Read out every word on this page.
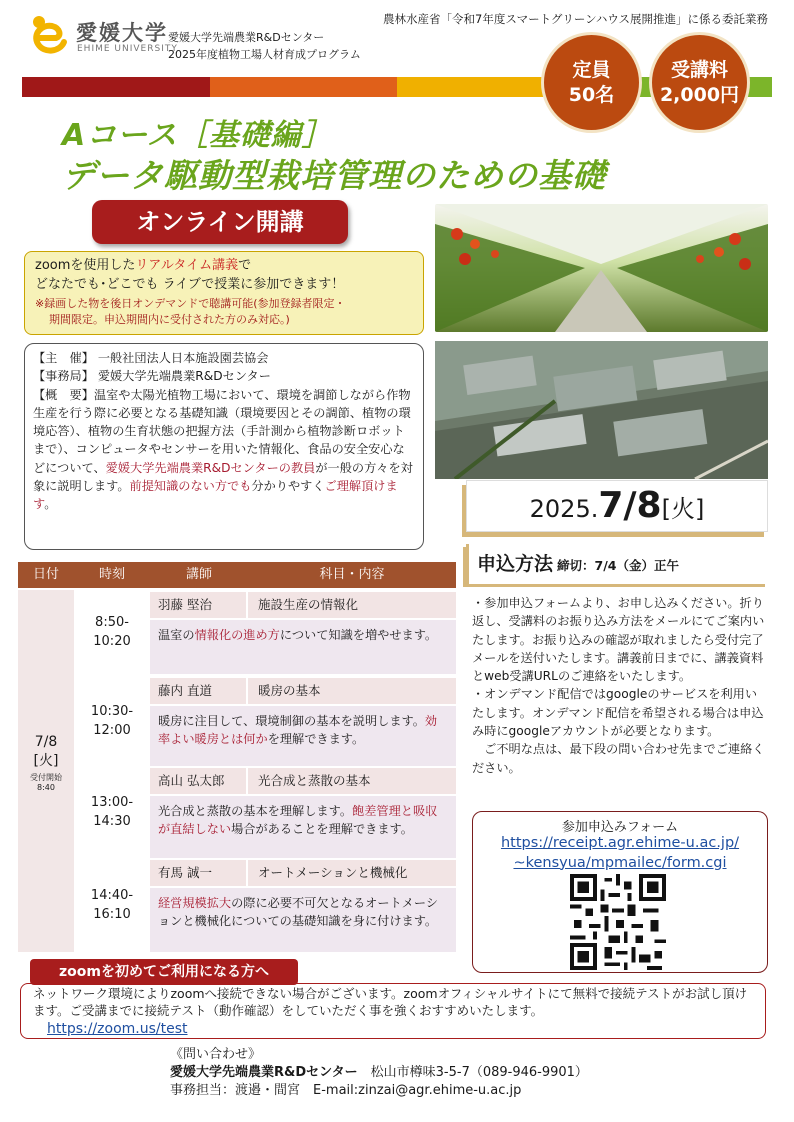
愛媛大学
EHIME UNIVERSITY
愛媛大学先端農業R&Dセンター
2025年度植物工場人材育成プログラム
農林水産省「令和7年度スマートグリーンハウス展開推進」に係る委託業務
定員
50名
受講料
2,000円
Aコース［基礎編］
データ駆動型栽培管理のための基礎
オンライン開講
zoomを使用したリアルタイム講義で
どなたでも･どこでも ライブで授業に参加できます！
※録画した物を後日オンデマンドで聴講可能(参加登録者限定・
期間限定。申込期間内に受付された方のみ対応。)
【主　催】 一般社団法人日本施設園芸協会
【事務局】 愛媛大学先端農業R&Dセンター
【概　要】温室や太陽光植物工場において、環境を調節しながら作物生産を行う際に必要となる基礎知識（環境要因とその調節、植物の環境応答）、植物の生育状態の把握方法（手計測から植物診断ロボットまで）、コンピュータやセンサーを用いた情報化、食品の安全安心などについて、愛媛大学先端農業R&Dセンターの教員が一般の方々を対象に説明します。前提知識のない方でも分かりやすくご理解頂けます。	2025.7/8[火]
日付	時刻	講師	科目・内容
7/8
[火]
受付開始
8:40
8:50-
10:20
羽藤 堅治	施設生産の情報化
温室の情報化の進め方について知識を増やせます。
10:30-
12:00
藤内 直道	暖房の基本
暖房に注目して、環境制御の基本を説明します。効率よい暖房とは何かを理解できます。
13:00-
14:30
高山 弘太郎	光合成と蒸散の基本
光合成と蒸散の基本を理解します。飽差管理と吸収が直結しない場合があることを理解できます。
14:40-
16:10
有馬 誠一	オートメーションと機械化
経営規模拡大の際に必要不可欠となるオートメーションと機械化についての基礎知識を身に付けます。
申込方法 締切：7/4（金）正午
・参加申込フォームより、お申し込みください。折り返し、受講料のお振り込み方法をメールにてご案内いたします。お振り込みの確認が取れましたら受付完了メールを送付いたします。講義前日までに、講義資料とweb受講URLのご連絡をいたします。
・オンデマンド配信ではgoogleのサービスを利用いたします。オンデマンド配信を希望される場合は申込み時にgoogleアカウントが必要となります。
　ご不明な点は、最下段の問い合わせ先までご連絡ください。
参加申込みフォーム
https://receipt.agr.ehime-u.ac.jp/
~kensyua/mpmailec/form.cgi
zoomを初めてご利用になる方へ
ネットワーク環境によりzoomへ接続できない場合がございます。zoomオフィシャルサイトにて無料で接続テストがお試し頂けます。ご受講までに接続テスト（動作確認）をしていただく事を強くおすすめいたします。
https://zoom.us/test
《問い合わせ》
愛媛大学先端農業R&Dセンター　 松山市樽味3-5-7（089-946-9901）
事務担当：渡邉・間宮　E-mail:zinzai@agr.ehime-u.ac.jp
